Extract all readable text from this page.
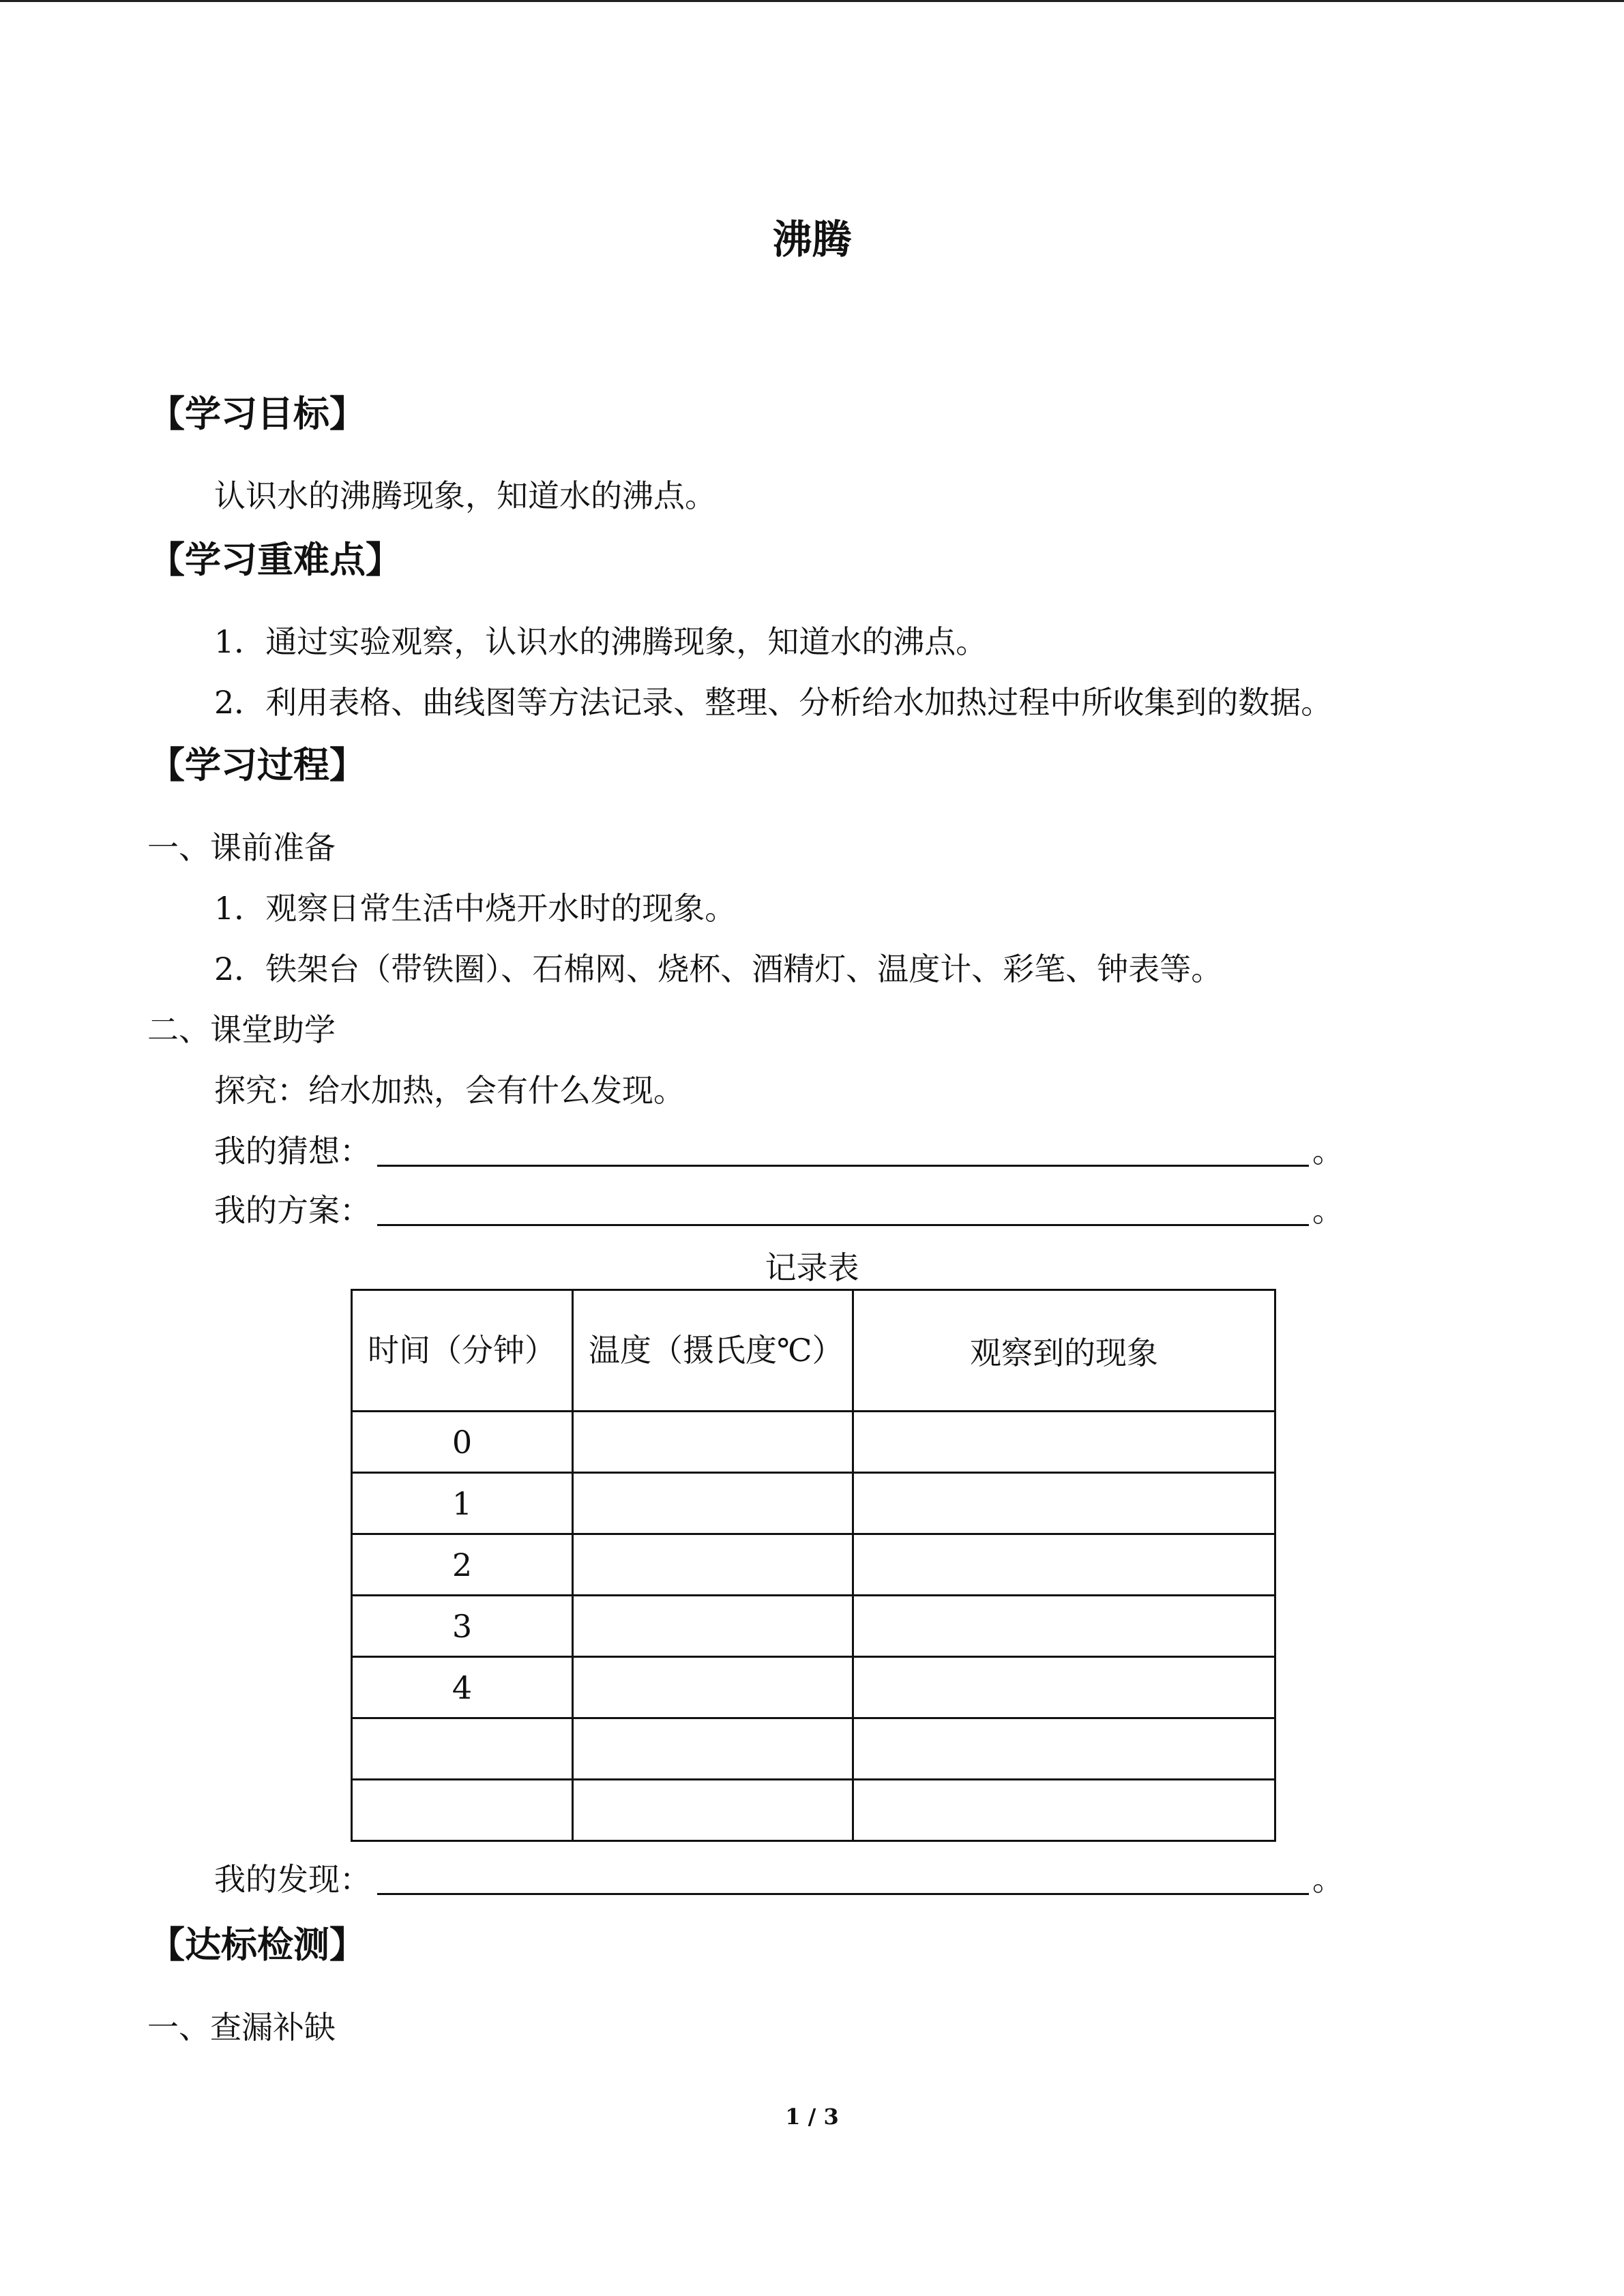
沸腾
【学习目标】
认识水的沸腾现象，知道水的沸点。
【学习重难点】
1．通过实验观察，认识水的沸腾现象，知道水的沸点。
2．利用表格、曲线图等方法记录、整理、分析给水加热过程中所收集到的数据。
【学习过程】
一、课前准备
1．观察日常生活中烧开水时的现象。
2．铁架台（带铁圈）、石棉网、烧杯、酒精灯、温度计、彩笔、钟表等。
二、课堂助学
探究：给水加热，会有什么发现。
我的猜想：	。
我的方案：	。
记录表
时间（分钟）	温度（摄氏度℃）	观察到的现象
0		
1		
2		
3		
4		

我的发现：	。
【达标检测】
一、查漏补缺
1 / 3
